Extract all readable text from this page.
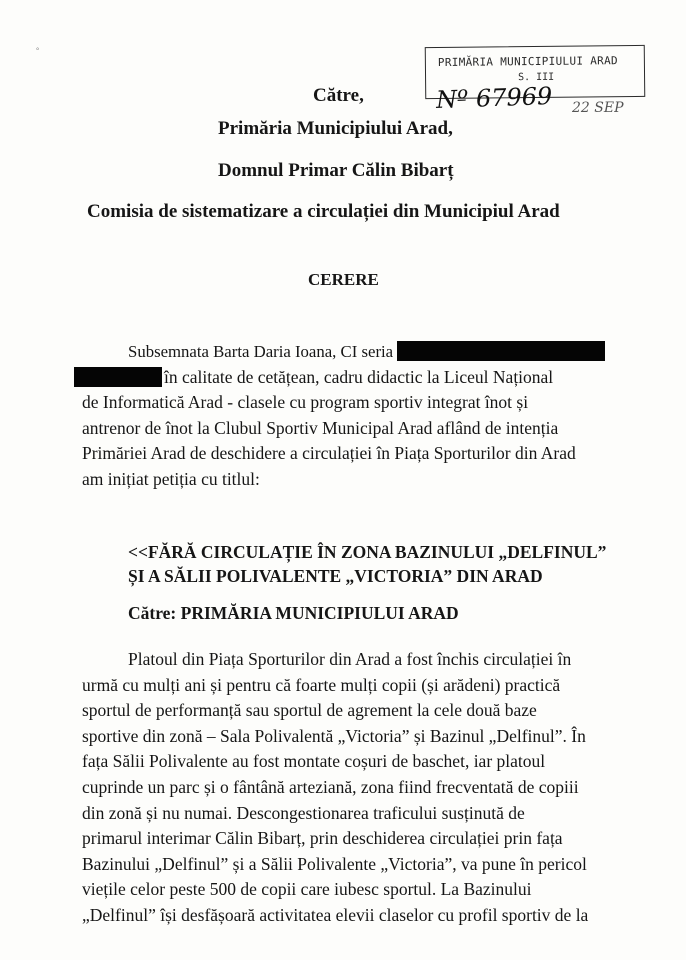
°
PRIMĂRIA MUNICIPIULUI ARAD
S. III
Nº 67969 22 SEP
Către,
Primăria Municipiului Arad,
Domnul Primar Călin Bibarț
Comisia de sistematizare a circulației din Municipiul Arad
CERERE
Subsemnata Barta Daria Ioana, CI seria
în calitate de cetățean, cadru didactic la Liceul Național
de Informatică Arad - clasele cu program sportiv integrat înot și
antrenor de înot la Clubul Sportiv Municipal Arad aflând de intenția
Primăriei Arad de deschidere a circulației în Piața Sporturilor din Arad
am inițiat petiția cu titlul:
<<FĂRĂ CIRCULAȚIE ÎN ZONA BAZINULUI „DELFINUL”
ȘI A SĂLII POLIVALENTE „VICTORIA” DIN ARAD
Către: PRIMĂRIA MUNICIPIULUI ARAD
Platoul din Piața Sporturilor din Arad a fost închis circulației în
urmă cu mulți ani și pentru că foarte mulți copii (și arădeni) practică
sportul de performanță sau sportul de agrement la cele două baze
sportive din zonă – Sala Polivalentă „Victoria” și Bazinul „Delfinul”. În
fața Sălii Polivalente au fost montate coșuri de baschet, iar platoul
cuprinde un parc și o fântână arteziană, zona fiind frecventată de copiii
din zonă și nu numai. Descongestionarea traficului susținută de
primarul interimar Călin Bibarț, prin deschiderea circulației prin fața
Bazinului „Delfinul” și a Sălii Polivalente „Victoria”, va pune în pericol
viețile celor peste 500 de copii care iubesc sportul. La Bazinului
„Delfinul” își desfășoară activitatea elevii claselor cu profil sportiv de la
